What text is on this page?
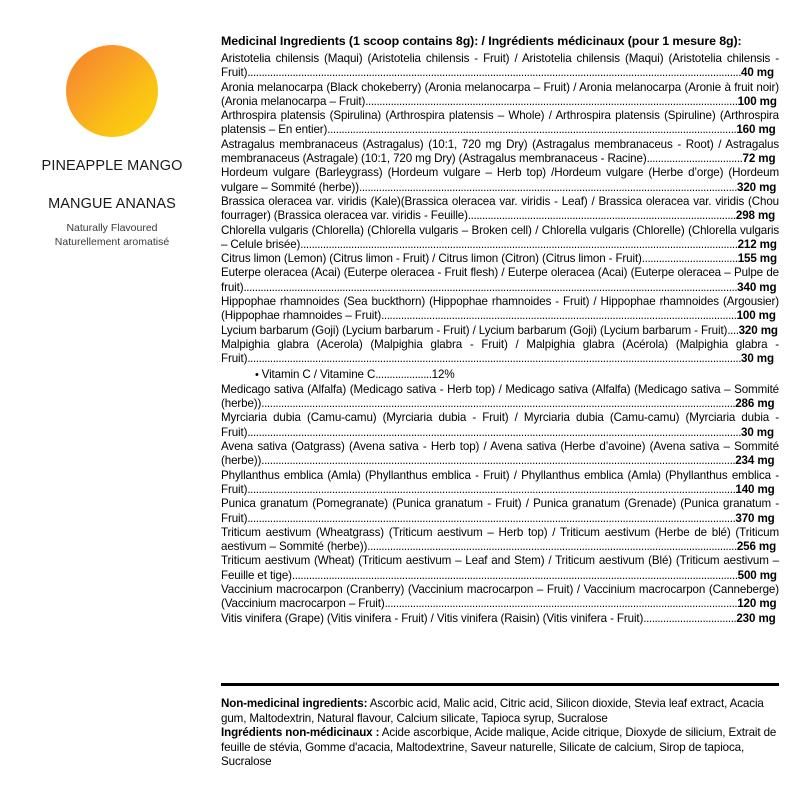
PINEAPPLE MANGO
MANGUE ANANAS
Naturally Flavoured
Naturellement aromatisé
Medicinal Ingredients (1 scoop contains 8g): / Ingrédients médicinaux (pour 1 mesure 8g):
Aristotelia chilensis (Maqui) (Aristotelia chilensis - Fruit) / Aristotelia chilensis (Maqui) (Aristotelia chilensis - Fruit)...............................................................................................................................................................................40 mg
Aronia melanocarpa (Black chokeberry) (Aronia melanocarpa – Fruit) / Aronia melanocarpa (Aronie à fruit noir) (Aronia melanocarpa – Fruit)....................................................................................................................................100 mg
Arthrospira platensis (Spirulina) (Arthrospira platensis – Whole) / Arthrospira platensis (Spiruline) (Arthrospira platensis – En entier).................................................................................................................................................160 mg
Astragalus membranaceus (Astragalus) (10:1, 720 mg Dry) (Astragalus membranaceus - Root) / Astragalus membranaceus (Astragale) (10:1, 720 mg Dry) (Astragalus membranaceus - Racine)..................................72 mg
Hordeum vulgare (Barleygrass) (Hordeum vulgare – Herb top) /Hordeum vulgare (Herbe d’orge) (Hordeum vulgare – Sommité (herbe))......................................................................................................................................320 mg
Brassica oleracea var. viridis (Kale)(Brassica oleracea var. viridis - Leaf) / Brassica oleracea var. viridis (Chou fourrager) (Brassica oleracea var. viridis - Feuille)...............................................................................................298 mg
Chlorella vulgaris (Chlorella) (Chlorella vulgaris – Broken cell) / Chlorella vulgaris (Chlorelle) (Chlorella vulgaris – Celule brisée)...........................................................................................................................................................212 mg
Citrus limon (Lemon) (Citrus limon - Fruit) / Citrus limon (Citron) (Citrus limon - Fruit)..................................155 mg
Euterpe oleracea (Acai) (Euterpe oleracea - Fruit flesh) / Euterpe oleracea (Acai) (Euterpe oleracea – Pulpe de fruit)...............................................................................................................................................................................340 mg
Hippophae rhamnoides (Sea buckthorn) (Hippophae rhamnoides - Fruit) / Hippophae rhamnoides (Argousier) (Hippophae rhamnoides – Fruit)..............................................................................................................................100 mg
Lycium barbarum (Goji) (Lycium barbarum - Fruit) / Lycium barbarum (Goji) (Lycium barbarum - Fruit)....320 mg
Malpighia glabra (Acerola) (Malpighia glabra - Fruit) / Malpighia glabra (Acérola) (Malpighia glabra - Fruit)...............................................................................................................................................................................30 mg
• Vitamin C / Vitamine C....................12%
Medicago sativa (Alfalfa) (Medicago sativa - Herb top) / Medicago sativa (Alfalfa) (Medicago sativa – Sommité (herbe))........................................................................................................................................................................286 mg
Myrciaria dubia (Camu-camu) (Myrciaria dubia - Fruit) / Myrciaria dubia (Camu-camu) (Myrciaria dubia - Fruit)...............................................................................................................................................................................30 mg
Avena sativa (Oatgrass) (Avena sativa - Herb top) / Avena sativa (Herbe d’avoine) (Avena sativa – Sommité (herbe))........................................................................................................................................................................234 mg
Phyllanthus emblica (Amla) (Phyllanthus emblica - Fruit) / Phyllanthus emblica (Amla) (Phyllanthus emblica - Fruit).............................................................................................................................................................................140 mg
Punica granatum (Pomegranate) (Punica granatum - Fruit) / Punica granatum (Grenade) (Punica granatum - Fruit).............................................................................................................................................................................370 mg
Triticum aestivum (Wheatgrass) (Triticum aestivum – Herb top) / Triticum aestivum (Herbe de blé) (Triticum aestivum – Sommité (herbe))...................................................................................................................................256 mg
Triticum aestivum (Wheat) (Triticum aestivum – Leaf and Stem) / Triticum aestivum (Blé) (Triticum aestivum – Feuille et tige)..............................................................................................................................................................500 mg
Vaccinium macrocarpon (Cranberry) (Vaccinium macrocarpon – Fruit) / Vaccinium macrocarpon (Canneberge) (Vaccinium macrocarpon – Fruit).............................................................................................................................120 mg
Vitis vinifera (Grape) (Vitis vinifera - Fruit) / Vitis vinifera (Raisin) (Vitis vinifera - Fruit).................................230 mg

Non-medicinal ingredients: Ascorbic acid, Malic acid, Citric acid, Silicon dioxide, Stevia leaf extract, Acacia gum, Maltodextrin, Natural flavour, Calcium silicate, Tapioca syrup, Sucralose

Ingrédients non-médicinaux : Acide ascorbique, Acide malique, Acide citrique, Dioxyde de silicium, Extrait de feuille de stévia, Gomme d'acacia, Maltodextrine, Saveur naturelle, Silicate de calcium, Sirop de tapioca, Sucralose
